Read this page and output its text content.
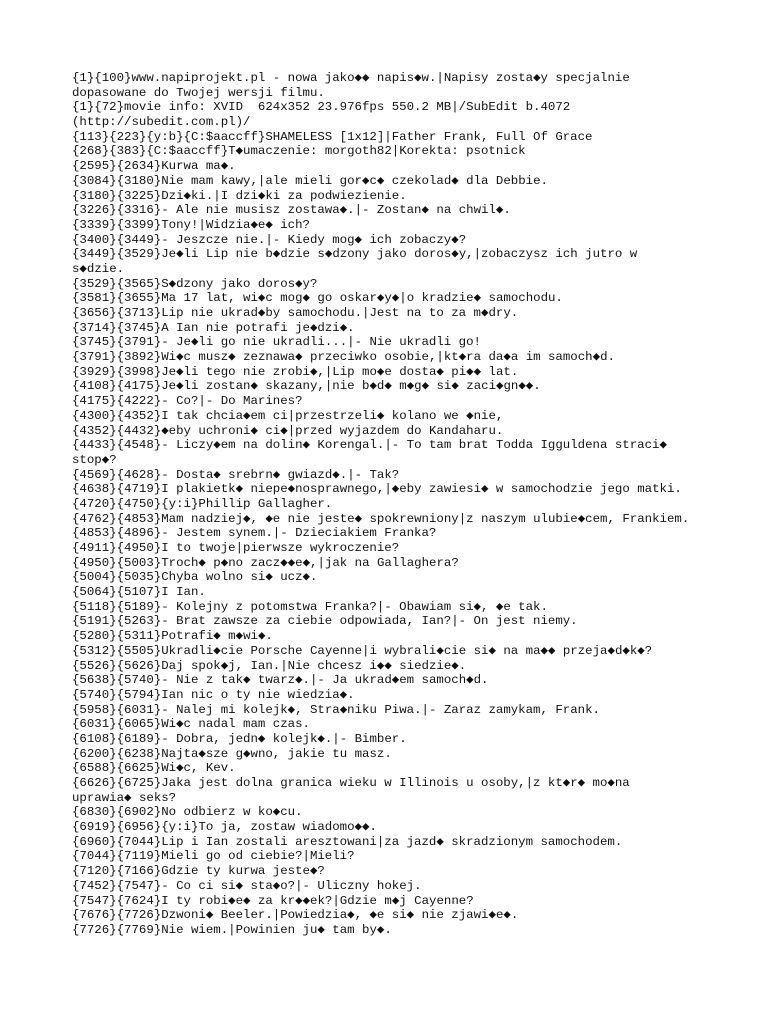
{1}{100}www.napiprojekt.pl - nowa jako◆◆ napis◆w.|Napisy zosta◆y specjalnie
dopasowane do Twojej wersji filmu.
{1}{72}movie info: XVID  624x352 23.976fps 550.2 MB|/SubEdit b.4072
(http://subedit.com.pl)/
{113}{223}{y:b}{C:$aaccff}SHAMELESS [1x12]|Father Frank, Full Of Grace
{268}{383}{C:$aaccff}T◆umaczenie: morgoth82|Korekta: psotnick
{2595}{2634}Kurwa ma◆.
{3084}{3180}Nie mam kawy,|ale mieli gor◆c◆ czekolad◆ dla Debbie.
{3180}{3225}Dzi◆ki.|I dzi◆ki za podwiezienie.
{3226}{3316}- Ale nie musisz zostawa◆.|- Zostan◆ na chwil◆.
{3339}{3399}Tony!|Widzia◆e◆ ich?
{3400}{3449}- Jeszcze nie.|- Kiedy mog◆ ich zobaczy◆?
{3449}{3529}Je◆li Lip nie b◆dzie s◆dzony jako doros◆y,|zobaczysz ich jutro w
s◆dzie.
{3529}{3565}S◆dzony jako doros◆y?
{3581}{3655}Ma 17 lat, wi◆c mog◆ go oskar◆y◆|o kradzie◆ samochodu.
{3656}{3713}Lip nie ukrad◆by samochodu.|Jest na to za m◆dry.
{3714}{3745}A Ian nie potrafi je◆dzi◆.
{3745}{3791}- Je◆li go nie ukradli...|- Nie ukradli go!
{3791}{3892}Wi◆c musz◆ zeznawa◆ przeciwko osobie,|kt◆ra da◆a im samoch◆d.
{3929}{3998}Je◆li tego nie zrobi◆,|Lip mo◆e dosta◆ pi◆◆ lat.
{4108}{4175}Je◆li zostan◆ skazany,|nie b◆d◆ m◆g◆ si◆ zaci◆gn◆◆.
{4175}{4222}- Co?|- Do Marines?
{4300}{4352}I tak chcia◆em ci|przestrzeli◆ kolano we ◆nie,
{4352}{4432}◆eby uchroni◆ ci◆|przed wyjazdem do Kandaharu.
{4433}{4548}- Liczy◆em na dolin◆ Korengal.|- To tam brat Todda Igguldena straci◆
stop◆?
{4569}{4628}- Dosta◆ srebrn◆ gwiazd◆.|- Tak?
{4638}{4719}I plakietk◆ niepe◆nosprawnego,|◆eby zawiesi◆ w samochodzie jego matki.
{4720}{4750}{y:i}Phillip Gallagher.
{4762}{4853}Mam nadziej◆, ◆e nie jeste◆ spokrewniony|z naszym ulubie◆cem, Frankiem.
{4853}{4896}- Jestem synem.|- Dzieciakiem Franka?
{4911}{4950}I to twoje|pierwsze wykroczenie?
{4950}{5003}Troch◆ p◆no zacz◆◆e◆,|jak na Gallaghera?
{5004}{5035}Chyba wolno si◆ ucz◆.
{5064}{5107}I Ian.
{5118}{5189}- Kolejny z potomstwa Franka?|- Obawiam si◆, ◆e tak.
{5191}{5263}- Brat zawsze za ciebie odpowiada, Ian?|- On jest niemy.
{5280}{5311}Potrafi◆ m◆wi◆.
{5312}{5505}Ukradli◆cie Porsche Cayenne|i wybrali◆cie si◆ na ma◆◆ przeja◆d◆k◆?
{5526}{5626}Daj spok◆j, Ian.|Nie chcesz i◆◆ siedzie◆.
{5638}{5740}- Nie z tak◆ twarz◆.|- Ja ukrad◆em samoch◆d.
{5740}{5794}Ian nic o ty nie wiedzia◆.
{5958}{6031}- Nalej mi kolejk◆, Stra◆niku Piwa.|- Zaraz zamykam, Frank.
{6031}{6065}Wi◆c nadal mam czas.
{6108}{6189}- Dobra, jedn◆ kolejk◆.|- Bimber.
{6200}{6238}Najta◆sze g◆wno, jakie tu masz.
{6588}{6625}Wi◆c, Kev.
{6626}{6725}Jaka jest dolna granica wieku w Illinois u osoby,|z kt◆r◆ mo◆na
uprawia◆ seks?
{6830}{6902}No odbierz w ko◆cu.
{6919}{6956}{y:i}To ja, zostaw wiadomo◆◆.
{6960}{7044}Lip i Ian zostali aresztowani|za jazd◆ skradzionym samochodem.
{7044}{7119}Mieli go od ciebie?|Mieli?
{7120}{7166}Gdzie ty kurwa jeste◆?
{7452}{7547}- Co ci si◆ sta◆o?|- Uliczny hokej.
{7547}{7624}I ty robi◆e◆ za kr◆◆ek?|Gdzie m◆j Cayenne?
{7676}{7726}Dzwoni◆ Beeler.|Powiedzia◆, ◆e si◆ nie zjawi◆e◆.
{7726}{7769}Nie wiem.|Powinien ju◆ tam by◆.
